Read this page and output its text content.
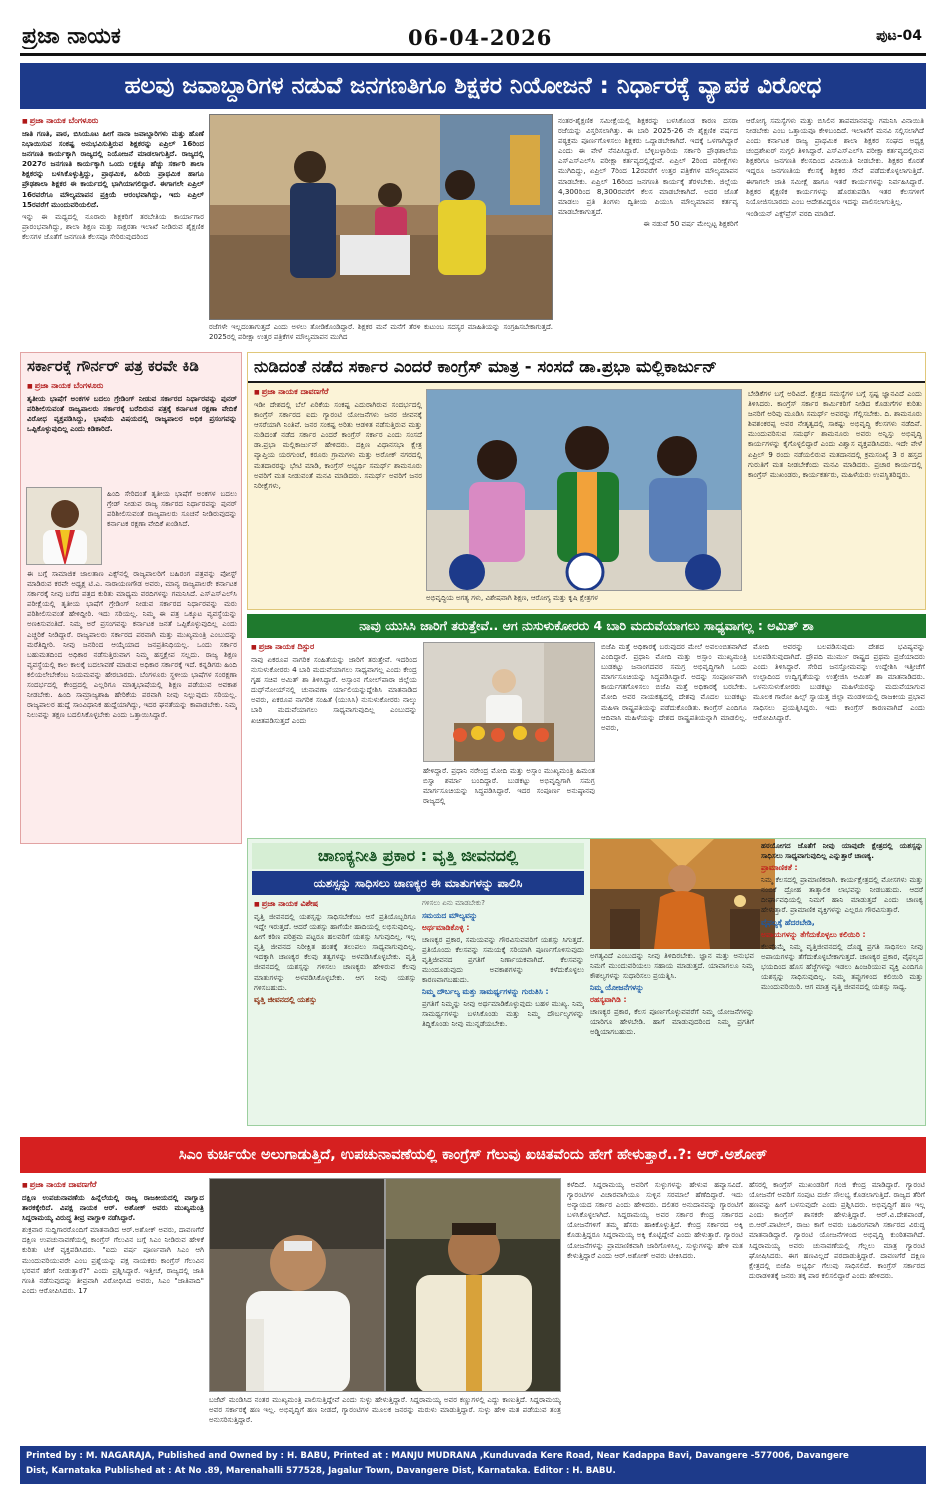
ಪ್ರಜಾ ನಾಯಕ	06-04-2026	ಪುಟ-04
ಹಲವು ಜವಾಬ್ದಾರಿಗಳ ನಡುವೆ ಜನಗಣತಿಗೂ ಶಿಕ್ಷಕರ ನಿಯೋಜನೆ : ನಿರ್ಧಾರಕ್ಕೆ ವ್ಯಾಪಕ ವಿರೋಧ
■ ಪ್ರಜಾ ನಾಯಕ ಬೆಂಗಳೂರು
ಜಾತಿ ಗಣತಿ, ಪಾಠ, ಬಿಸಿಯೂಟ ಹೀಗೆ ನಾನಾ ಜವಾಬ್ದಾರಿಗಳು ಮತ್ತು ಹೊಣೆ ನಿಭಾಯಿಸುವ ಸಂಕಷ್ಟ ಅನುಭವಿಸುತ್ತಿರುವ ಶಿಕ್ಷಕರನ್ನು ಏಪ್ರಿಲ್ 16ರಿಂದ ಜನಗಣತಿ ಕಾರ್ಯಕ್ಕಾಗಿ ರಾಜ್ಯದಲ್ಲಿ ನಿಯೋಜನೆ ಮಾಡಲಾಗುತ್ತಿದೆ. ರಾಜ್ಯದಲ್ಲಿ 2027ರ ಜನಗಣತಿ ಕಾರ್ಯಕ್ಕಾಗಿ ಒಂದು ಲಕ್ಷಕ್ಕೂ ಹೆಚ್ಚು ಸರ್ಕಾರಿ ಶಾಲಾ ಶಿಕ್ಷಕರನ್ನು ಬಳಸಿಕೊಳ್ಳುತ್ತಿದ್ದು, ಪ್ರಾಥಮಿಕ, ಹಿರಿಯ ಪ್ರಾಥಮಿಕ ಹಾಗೂ ಪ್ರೌಢಶಾಲಾ ಶಿಕ್ಷಕರ ಈ ಕಾರ್ಯದಲ್ಲಿ ಭಾಗಿಯಾಗಲಿದ್ದಾರೆ. ಈಗಾಗಲೇ ಏಪ್ರಿಲ್ 16ರವರೆಗೂ ಮೌಲ್ಯಮಾಪನ ಪ್ರಕ್ರಿಯೆ ಆರಂಭವಾಗಿದ್ದು, ಇದು ಏಪ್ರಿಲ್ 15ರವರೆಗೆ ಮುಂದುವರಿಯಲಿದೆ.
ಇನ್ನು ಈ ಮಧ್ಯದಲ್ಲಿ ನೂರಾರು ಶಿಕ್ಷಕರಿಗೆ ತರಬೇತಿಯ ಕಾರ್ಯಾಗಾರ ಪ್ರಾರಂಭವಾಗಿದ್ದು, ಶಾಲಾ ಶಿಕ್ಷಣ ಮತ್ತು ಸಾಕ್ಷರತಾ ಇಲಾಖೆ ನೀಡಿರುವ ಶೈಕ್ಷಣಿಕ ಕೆಲಸಗಳ ಜೊತೆಗೆ ಜನಗಣತಿ ಕೆಲಸವೂ ಸೇರಿರುವುದರಿಂದ
ರಜೆಗಳೇ ಇಲ್ಲದಂತಾಗುತ್ತದೆ ಎಂದು ಅಳಲು ತೋಡಿಕೊಂಡಿದ್ದಾರೆ. ಶಿಕ್ಷಕರ ಮನೆ ಮನೆಗೆ ತೆರಳಿ ಕುಟುಂಬ ಸದಸ್ಯರ ಮಾಹಿತಿಯನ್ನು ಸಂಗ್ರಹಿಸಬೇಕಾಗುತ್ತದೆ. 2025ರಲ್ಲಿ ಪರೀಕ್ಷಾ ಉತ್ತರ ಪತ್ರಿಕೆಗಳ ಮೌಲ್ಯಮಾಪನ ಮುಗಿದ
ನಂತರ-ಶೈಕ್ಷಣಿಕ ಸಮೀಕ್ಷೆಯಲ್ಲಿ ಶಿಕ್ಷಕರನ್ನು ಬಳಸಿಕೊಂಡ ಕಾರಣ ದಸರಾ ರಜೆಯನ್ನು ವಿಸ್ತರಿಸಲಾಗಿತ್ತು. ಈ ಬಾರಿ 2025-26 ನೇ ಶೈಕ್ಷಣಿಕ ವರ್ಷದ ಪಠ್ಯಕ್ರಮ ಪೂರ್ಣಗೊಳಿಸಲು ಶಿಕ್ಷಕರು ಒದ್ದಾಡಬೇಕಾಗಿದೆ. ಇದಕ್ಕೆ ಒಳಗಾಗಿದ್ದಾರೆ ಎಂದು ಈ ವೇಳೆ ನೆನಪಿಸಿದ್ದಾರೆ. ಬೆಳ್ಳಿಬಳ್ಳಾರಿಯ ಸರ್ಕಾರಿ ಪ್ರೌಢಶಾಲೆಯ ಎಸ್ಎಸ್ಎಲ್‌ಸಿ ಪರೀಕ್ಷಾ ಕರ್ತವ್ಯದಲ್ಲಿದ್ದೇವೆ. ಏಪ್ರಿಲ್ 2ರಿಂದ ಪರೀಕ್ಷೆಗಳು ಮುಗಿದಿದ್ದು, ಏಪ್ರಿಲ್ 7ರಿಂದ 12ರವರೆಗೆ ಉತ್ತರ ಪತ್ರಿಕೆಗಳ ಮೌಲ್ಯಮಾಪನ ಮಾಡಬೇಕು. ಏಪ್ರಿಲ್ 16ರಿಂದ ಜನಗಣತಿ ಕಾರ್ಯಕ್ಕೆ ತೆರಳಬೇಕು. ಜಿಲ್ಲೆಯ 4,300ರಿಂದ 8,300ರವರೆಗೆ ಕೆಲಸ ಮಾಡಬೇಕಾಗಿದೆ. ಅದರ ಜೊತೆ ಮಾಡಲು ಪ್ರತಿ ತಿಂಗಳು ದ್ವಿತೀಯ ಪಿಯುಸಿ ಮೌಲ್ಯಮಾಪನ ಕರ್ತವ್ಯ ಮಾಡಬೇಕಾಗುತ್ತದೆ.
ಈ ನಡುವೆ 50 ವರ್ಷ ಮೇಲ್ಪಟ್ಟ ಶಿಕ್ಷಕರಿಗೆ
ಆರೋಗ್ಯ ಸಮಸ್ಯೆಗಳು ಮತ್ತು ಬಿಸಿಲಿನ ತಾಪಮಾನವನ್ನು ಗಮನಿಸಿ ವಿನಾಯಿತಿ ನೀಡಬೇಕು ಎಂಬ ಒತ್ತಾಯವೂ ಕೇಳಿಬಂದಿದೆ. ಇಲಾಖೆಗೆ ಮನವಿ ಸಲ್ಲಿಸಲಾಗಿದೆ ಎಂದು ಕರ್ನಾಟಕ ರಾಜ್ಯ ಪ್ರಾಥಮಿಕ ಶಾಲಾ ಶಿಕ್ಷಕರ ಸಂಘದ ಅಧ್ಯಕ್ಷ ಚಂದ್ರಶೇಖರ್ ನುಗ್ಗಲಿ ತಿಳಿಸಿದ್ದಾರೆ. ಎಸ್ಎಸ್ಎಲ್‌ಸಿ ಪರೀಕ್ಷಾ ಕರ್ತವ್ಯದಲ್ಲಿರುವ ಶಿಕ್ಷಕರಿಗೂ ಜನಗಣತಿ ಕೆಲಸದಿಂದ ವಿನಾಯಿತಿ ನೀಡಬೇಕು. ಶಿಕ್ಷಕರ ಕೊರತೆ ಇದ್ದರೂ ಜನಗಣತಿಯ ಕೆಲಸಕ್ಕೆ ಶಿಕ್ಷಕರ ಸೇವೆ ಪಡೆದುಕೊಳ್ಳಲಾಗುತ್ತಿದೆ. ಈಗಾಗಲೇ ಜಾತಿ ಸಮೀಕ್ಷೆ ಹಾಗೂ ಇತರೆ ಕಾರ್ಯಗಳನ್ನು ನಿರ್ವಹಿಸಿದ್ದಾರೆ. ಶಿಕ್ಷಕರ ಶೈಕ್ಷಣಿಕ ಕಾರ್ಯಗಳನ್ನು ಹೊರತುಪಡಿಸಿ ಇತರ ಕೆಲಸಗಳಿಗೆ ನಿಯೋಜಿಸಬಾರದು ಎಂಬ ಆದೇಶವಿದ್ದರೂ ಇದನ್ನು ಪಾಲಿಸಲಾಗುತ್ತಿಲ್ಲ.
ಇಂಡಿಯನ್ ಎಕ್ಸ್‌ಪ್ರೆಸ್ ವರದಿ ಮಾಡಿದೆ.
ಸರ್ಕಾರಕ್ಕೆ ಗೌರ್ನರ್ ಪತ್ರ ಕರವೇ ಕಿಡಿ
■ ಪ್ರಜಾ ನಾಯಕ ಬೆಂಗಳೂರು
ತೃತೀಯ ಭಾಷೆಗೆ ಅಂಕಗಳ ಬದಲು ಗ್ರೇಡಿಂಗ್ ನೀಡುವ ಸರ್ಕಾರದ ನಿರ್ಧಾರವನ್ನು ಪುನರ್ ಪರಿಶೀಲಿಸುವಂತೆ ರಾಜ್ಯಪಾಲರು ಸರ್ಕಾರಕ್ಕೆ ಬರೆದಿರುವ ಪತ್ರಕ್ಕೆ ಕರ್ನಾಟಕ ರಕ್ಷಣಾ ವೇದಿಕೆ ವಿರೋಧ ವ್ಯಕ್ತಪಡಿಸಿದ್ದು, ಭಾಷೆಯ ವಿಷಯದಲ್ಲಿ ರಾಜ್ಯಪಾಲರ ಅಧಿಕ ಪ್ರಸಂಗವನ್ನು ಒಪ್ಪಿಕೊಳ್ಳುವುದಿಲ್ಲ ಎಂದು ಕಿಡಿಕಾರಿದೆ.
ಹಿಂದಿ ಸೇರಿದಂತೆ ತೃತೀಯ ಭಾಷೆಗೆ ಅಂಕಗಳ ಬದಲು ಗ್ರೇಡ್ ನೀಡುವ ರಾಜ್ಯ ಸರ್ಕಾರದ ನಿರ್ಧಾರವನ್ನು ಪುನರ್ ಪರಿಶೀಲಿಸುವಂತೆ ರಾಜ್ಯಪಾಲರು ಸೂಚನೆ ನೀಡಿರುವುದನ್ನು ಕರ್ನಾಟಕ ರಕ್ಷಣಾ ವೇದಿಕೆ ಖಂಡಿಸಿದೆ.
ಈ ಬಗ್ಗೆ ಸಾಮಾಜಿಕ ಜಾಲತಾಣ ಎಕ್ಸ್‌ನಲ್ಲಿ ರಾಜ್ಯಪಾಲರಿಗೆ ಬಹಿರಂಗ ಪತ್ರವನ್ನು ಪೋಸ್ಟ್ ಮಾಡಿರುವ ಕರವೇ ಅಧ್ಯಕ್ಷ ಟಿ.ಎ. ನಾರಾಯಣಗೌಡ ಅವರು, ಮಾನ್ಯ ರಾಜ್ಯಪಾಲರೇ ಕರ್ನಾಟಕ ಸರ್ಕಾರಕ್ಕೆ ನೀವು ಬರೆದ ಪತ್ರದ ಕುರಿತು ಮಾಧ್ಯಮ ವರದಿಗಳನ್ನು ಗಮನಿಸಿದೆ. ಎಸ್ಎಸ್ಎಲ್‌ಸಿ ಪರೀಕ್ಷೆಯಲ್ಲಿ ತೃತೀಯ ಭಾಷೆಗೆ ಗ್ರೇಡಿಂಗ್ ನೀಡುವ ಸರ್ಕಾರದ ನಿರ್ಧಾರವನ್ನು ಮರು ಪರಿಶೀಲಿಸುವಂತೆ ಹೇಳಿದ್ದೀರಿ. ಇದು ಸರಿಯಲ್ಲ. ನಿಮ್ಮ ಈ ಪತ್ರ ಒಕ್ಕೂಟ ವ್ಯವಸ್ಥೆಯನ್ನು ಅಣಕಿಸುವಂತಿದೆ. ನಿಮ್ಮ ಅರೆ ಪ್ರಸಂಗವನ್ನು ಕರ್ನಾಟಕ ಜನತೆ ಒಪ್ಪಿಕೊಳ್ಳುವುದಿಲ್ಲ ಎಂದು ಎಚ್ಚರಿಕೆ ನೀಡಿದ್ದಾರೆ. ರಾಜ್ಯಪಾಲರು ಸರ್ಕಾರದ ಪರವಾಗಿ ಮತ್ತು ಮುಖ್ಯಮಂತ್ರಿ ಎಂಬುದನ್ನು ಮರೆತಿದ್ದೀರಿ. ನೀವು ಜನರಿಂದ ಆಯ್ಕೆಯಾದ ಜನಪ್ರತಿನಿಧಿಯಲ್ಲ. ಒಂದು ಸರ್ಕಾರ ಬಹುಮತದಿಂದ ಅಧಿಕಾರ ನಡೆಸುತ್ತಿರುವಾಗ ನಿಮ್ಮ ಹಸ್ತಕ್ಷೇಪ ಸಲ್ಲದು. ರಾಜ್ಯ ಶಿಕ್ಷಣ ವ್ಯವಸ್ಥೆಯಲ್ಲಿ ಕಾಲ ಕಾಲಕ್ಕೆ ಬದಲಾವಣೆ ಮಾಡುವ ಅಧಿಕಾರ ಸರ್ಕಾರಕ್ಕೆ ಇದೆ. ಕನ್ನಡಿಗರು ಹಿಂದಿ ಕಲಿಯಲೇಬೇಕೆಂಬ ನಿಯಮವನ್ನು ಹೇರಬಾರದು. ಬೆಂಗಳೂರು ಸ್ಥಳೀಯ ಭಾಷೆಗಳ ಸಂರಕ್ಷಣಾ ಸಂದರ್ಭದಲ್ಲಿ ಕೇಂದ್ರದಲ್ಲಿ ಎಲ್ಲರಿಗೂ ಮಾತೃಭಾಷೆಯಲ್ಲಿ ಶಿಕ್ಷಣ ಪಡೆಯುವ ಅವಕಾಶ ನೀಡಬೇಕು. ಹಿಂದಿ ಸಾಮ್ರಾಜ್ಯಶಾಹಿ ಹೇರಿಕೆಯ ಪರವಾಗಿ ನೀವು ನಿಲ್ಲುವುದು ಸರಿಯಲ್ಲ. ರಾಜ್ಯಪಾಲರ ಹುದ್ದೆ ಸಾಂವಿಧಾನಿಕ ಹುದ್ದೆಯಾಗಿದ್ದು, ಇದರ ಘನತೆಯನ್ನು ಕಾಪಾಡಬೇಕು. ನಿಮ್ಮ ನಿಲುವನ್ನು ತಕ್ಷಣ ಬದಲಿಸಿಕೊಳ್ಳಬೇಕು ಎಂದು ಒತ್ತಾಯಿಸಿದ್ದಾರೆ.
ನುಡಿದಂತೆ ನಡೆದ ಸರ್ಕಾರ ಎಂದರೆ ಕಾಂಗ್ರೆಸ್ ಮಾತ್ರ - ಸಂಸದೆ ಡಾ.ಪ್ರಭಾ ಮಲ್ಲಿಕಾರ್ಜುನ್
■ ಪ್ರಜಾ ನಾಯಕ ದಾವಣಗೆರೆ
ಇಡೀ ದೇಶದಲ್ಲಿ ಬೆಲೆ ಏರಿಕೆಯ ಸಂಕಷ್ಟ ಎದುರಾಗಿರುವ ಸಂದರ್ಭದಲ್ಲಿ ಕಾಂಗ್ರೆಸ್ ಸರ್ಕಾರದ ಐದು ಗ್ಯಾರಂಟಿ ಯೋಜನೆಗಳು ಜನರ ಜೀವನಕ್ಕೆ ಆಸರೆಯಾಗಿ ನಿಂತಿವೆ. ಜನರ ಸಂಕಷ್ಟ ಅರಿತು ಆಡಳಿತ ನಡೆಸುತ್ತಿರುವ ಮತ್ತು ನುಡಿದಂತೆ ನಡೆದ ಸರ್ಕಾರ ಎಂದರೆ ಕಾಂಗ್ರೆಸ್ ಸರ್ಕಾರ ಎಂದು ಸಂಸದೆ ಡಾ.ಪ್ರಭಾ ಮಲ್ಲಿಕಾರ್ಜುನ್ ಹೇಳಿದರು. ದಕ್ಷಿಣ ವಿಧಾನಸಭಾ ಕ್ಷೇತ್ರ ವ್ಯಾಪ್ತಿಯ ಯರಗುಂಟೆ, ಕರೂರು ಗ್ರಾಮಗಳು ಮತ್ತು ಅರೋಕ್ ನಗರದಲ್ಲಿ ಮತದಾರರನ್ನು ಭೇಟಿ ಮಾಡಿ, ಕಾಂಗ್ರೆಸ್ ಅಭ್ಯರ್ಥಿ ಸಮರ್ಥ್ ಶಾಮನೂರು ಅವರಿಗೆ ಮತ ನೀಡುವಂತೆ ಮನವಿ ಮಾಡಿದರು. ಸಮರ್ಥ್ ಅವರಿಗೆ ಜನರ ನಿರೀಕ್ಷೆಗಳು,
ಅಭಿವೃದ್ಧಿಯ ಅಗತ್ಯ ಗಳು, ವಿಶೇಷವಾಗಿ ಶಿಕ್ಷಣ, ಆರೋಗ್ಯ ಮತ್ತು ಕೃಷಿ ಕ್ಷೇತ್ರಗಳ
ಬೇಡಿಕೆಗಳ ಬಗ್ಗೆ ಅರಿವಿದೆ. ಕ್ಷೇತ್ರದ ಸಮಸ್ಯೆಗಳ ಬಗ್ಗೆ ಸ್ಪಷ್ಟ ಜ್ಞಾನವಿದೆ ಎಂದು ತಿಳಿಸಿದರು. ಕಾಂಗ್ರೆಸ್ ಸರ್ಕಾರ ಕಾರ್ಮಿಕರಿಗೆ ನೀಡಿದ ಕೊಡುಗೆಗಳ ಕುರಿತು ಜನರಿಗೆ ಅರಿವು ಮೂಡಿಸಿ ಸಮರ್ಥ್ ಅವರನ್ನು ಗೆಲ್ಲಿಸಬೇಕು. ದಿ. ಶಾಮನೂರು ಶಿವಶಂಕರಪ್ಪ ಅವರ ನೇತೃತ್ವದಲ್ಲಿ ಸಾಕಷ್ಟು ಅಭಿವೃದ್ಧಿ ಕೆಲಸಗಳು ನಡೆದಿವೆ. ಮುಂದುವರಿಸುವ ಸಮರ್ಥ್ ಶಾಮನೂರು ಅವರು ಅನ್ನಿಸ್ತು ಅಭಿವೃದ್ಧಿ ಕಾರ್ಯಗಳನ್ನು ಕೈಗೊಳ್ಳಲಿದ್ದಾರೆ ಎಂದು ವಿಶ್ವಾಸ ವ್ಯಕ್ತಪಡಿಸಿದರು. ಇದೇ ವೇಳೆ ಏಪ್ರಿಲ್ 9 ರಂದು ನಡೆಯಲಿರುವ ಮತದಾನದಲ್ಲಿ ಕ್ರಮಸಂಖ್ಯೆ 3 ರ ಹಸ್ತದ ಗುರುತಿಗೆ ಮತ ನೀಡಬೇಕೆಂದು ಮನವಿ ಮಾಡಿದರು. ಪ್ರಚಾರ ಕಾರ್ಯದಲ್ಲಿ ಕಾಂಗ್ರೆಸ್ ಮುಖಂಡರು, ಕಾರ್ಯಕರ್ತರು, ಮಹಿಳೆಯರು ಉಪಸ್ಥಿತರಿದ್ದರು.
ನಾವು ಯುಸಿಸಿ ಜಾರಿಗೆ ತರುತ್ತೇವೆ.. ಆಗ ನುಸುಳುಕೋರರು 4 ಬಾರಿ ಮದುವೆಯಾಗಲು ಸಾಧ್ಯವಾಗಲ್ಲ : ಅಮಿತ್ ಶಾ
■ ಪ್ರಜಾ ನಾಯಕ ದಿಸ್ಪುರ
ನಾವು ಏಕರೂಪ ನಾಗರಿಕ ಸಂಹಿತೆಯನ್ನು ಜಾರಿಗೆ ತರುತ್ತೇವೆ. ಇದರಿಂದ ನುಸುಳುಕೋರರು 4 ಬಾರಿ ಮದುವೆಯಾಗಲು ಸಾಧ್ಯವಾಗಲ್ಲ ಎಂದು ಕೇಂದ್ರ ಗೃಹ ಸಚಿವ ಅಮಿತ್ ಶಾ ತಿಳಿಸಿದ್ದಾರೆ. ಅಸ್ಸಾಂನ ಗೋಲ್‌ಪಾರಾ ಜಿಲ್ಲೆಯ ದುಧ್‌ನೋಯ್‌ನಲ್ಲಿ ಚುನಾವಣಾ ರ್ಯಾಲಿಯನ್ನುದ್ದೇಶಿಸಿ ಮಾತನಾಡಿದ ಅವರು, ಏಕರೂಪ ನಾಗರಿಕ ಸಂಹಿತೆ (ಯುಸಿಸಿ) ನುಸುಳುಕೋರರು ನಾಲ್ಕು ಬಾರಿ ಮದುವೆಯಾಗಲು ಸಾಧ್ಯವಾಗುವುದಿಲ್ಲ ಎಂಬುದನ್ನು ಖಚಿತಪಡಿಸುತ್ತದೆ ಎಂದು
ಹೇಳಿದ್ದಾರೆ. ಪ್ರಧಾನಿ ನರೇಂದ್ರ ಮೋದಿ ಮತ್ತು ಅಸ್ಸಾಂ ಮುಖ್ಯಮಂತ್ರಿ ಹಿಮಂತ ಬಿಸ್ವಾ ಶರ್ಮಾ ಬಂದಿದ್ದಾರೆ. ಬುಡಕಟ್ಟು ಅಭಿವೃದ್ಧಿಗಾಗಿ ಸಮಗ್ರ ಮಾರ್ಗಸೂಚಿಯನ್ನು ಸಿದ್ಧಪಡಿಸಿದ್ದಾರೆ. ಇದರ ಸಂಪೂರ್ಣ ಅನುಷ್ಠಾನವು ರಾಜ್ಯದಲ್ಲಿ
ಬಿಜೆಪಿ ಮತ್ತೆ ಅಧಿಕಾರಕ್ಕೆ ಬರುವುದರ ಮೇಲೆ ಅವಲಂಬಿತವಾಗಿದೆ ಎಂದಿದ್ದಾರೆ. ಪ್ರಧಾನಿ ಮೋದಿ ಮತ್ತು ಅಸ್ಸಾಂ ಮುಖ್ಯಮಂತ್ರಿ ಬುಡಕಟ್ಟು ಜನಾಂಗದವರ ಸಮಗ್ರ ಅಭಿವೃದ್ಧಿಗಾಗಿ ಒಂದು ಮಾರ್ಗಸೂಚಿಯನ್ನು ಸಿದ್ಧಪಡಿಸಿದ್ದಾರೆ. ಅದನ್ನು ಸಂಪೂರ್ಣವಾಗಿ ಕಾರ್ಯಗತಗೊಳಿಸಲು ಬಿಜೆಪಿ ಮತ್ತೆ ಅಧಿಕಾರಕ್ಕೆ ಬರಬೇಕು. ಮೋದಿ ಅವರ ನಾಯಕತ್ವದಲ್ಲಿ ದೇಶವು ಮೊದಲ ಬುಡಕಟ್ಟು ಮಹಿಳಾ ರಾಷ್ಟ್ರಪತಿಯನ್ನು ಪಡೆದುಕೊಂಡಿತು. ಕಾಂಗ್ರೆಸ್ ಎಂದಿಗೂ ಆದಿವಾಸಿ ಮಹಿಳೆಯನ್ನು ದೇಶದ ರಾಷ್ಟ್ರಪತಿಯನ್ನಾಗಿ ಮಾಡಲಿಲ್ಲ. ಅವರು,
ಮೋದಿ ಅವರನ್ನು ಬಲಪಡಿಸುವುದು ದೇಶದ ಭವಿಷ್ಯವನ್ನು ಬಲಪಡಿಸುವುದಾಗಿದೆ. ದ್ರೌಪದಿ ಮುರ್ಮು ರಾಷ್ಟ್ರದ ಪ್ರಥಮ ಪ್ರಜೆಯಾದರು ಎಂದು ತಿಳಿಸಿದ್ದಾರೆ. ಸೇರಿದ ಜನಸ್ತೋಮವನ್ನು ಉದ್ದೇಶಿಸಿ ಇತ್ತೀಚೆಗೆ ಉಲ್ಫಾದಿಂದ ಉದ್ವಿಗ್ನತೆಯನ್ನು ಉತ್ತೇಜಿಸಿ ಅಮಿತ್ ಶಾ ಮಾತನಾಡಿದರು. ಒಳನುಸುಳುಕೋರರು ಬುಡಕಟ್ಟು ಮಹಿಳೆಯರನ್ನು ಮದುವೆಯಾಗುವ ಮೂಲಕ ಗಾರೋ ಹಿಲ್ಸ್ ಸ್ವಾಯತ್ತ ಜಿಲ್ಲಾ ಮಂಡಳಿಯಲ್ಲಿ ರಾಜಕೀಯ ಪ್ರಭಾವ ಸಾಧಿಸಲು ಪ್ರಯತ್ನಿಸಿದ್ದರು. ಇದು ಕಾಂಗ್ರೆಸ್ ಕಾರಣವಾಗಿದೆ ಎಂದು ಆರೋಪಿಸಿದ್ದಾರೆ.
ಚಾಣಕ್ಯನೀತಿ ಪ್ರಕಾರ : ವೃತ್ತಿ ಜೀವನದಲ್ಲಿ
ಯಶಸ್ಸನ್ನು ಸಾಧಿಸಲು ಚಾಣಕ್ಯರ ಈ ಮಾತುಗಳನ್ನು ಪಾಲಿಸಿ
■ ಪ್ರಜಾ ನಾಯಕ ವಿಶೇಷ
ವೃತ್ತಿ ಜೀವನದಲ್ಲಿ ಯಶಸ್ಸನ್ನು ಸಾಧಿಸಬೇಕೆಂಬ ಆಸೆ ಪ್ರತಿಯೊಬ್ಬರಿಗೂ ಇದ್ದೇ ಇರುತ್ತದೆ. ಆದರೆ ಯಶಸ್ಸು ಹಾಗೆಯೇ ಹಾದಿಯಲ್ಲಿ ಲಭಿಸುವುದಿಲ್ಲ. ಹೀಗೆ ಕಠಿಣ ಪರಿಶ್ರಮ ಪಟ್ಟರೂ ಹಲವರಿಗೆ ಯಶಸ್ಸು ಸಿಗುವುದಿಲ್ಲ. ಇಲ್ಲ ವೃತ್ತಿ ಜೀವನದ ನಿರೀಕ್ಷಿತ ಹಂತಕ್ಕೆ ತಲುಪಲು ಸಾಧ್ಯವಾಗುವುದಿಲ್ಲ. ಇದಕ್ಕಾಗಿ ಚಾಣಕ್ಯರ ಕೆಲವು ತತ್ವಗಳನ್ನು ಅಳವಡಿಸಿಕೊಳ್ಳಬೇಕು. ವೃತ್ತಿ ಜೀವನದಲ್ಲಿ ಯಶಸ್ಸನ್ನು ಗಳಿಸಲು ಚಾಣಕ್ಯರು ಹೇಳಿರುವ ಕೆಲವು ಮಾತುಗಳನ್ನು ಅಳವಡಿಸಿಕೊಳ್ಳಬೇಕು. ಆಗ ನೀವು ಯಶಸ್ಸು ಗಳಿಸಬಹುದು.
ವೃತ್ತಿ ಜೀವನದಲ್ಲಿ ಯಶಸ್ಸು
ಗಳಿಸಲು ಏನು ಮಾಡಬೇಕು?
ಸಮಯದ ಮೌಲ್ಯವನ್ನು
ಅರ್ಥಮಾಡಿಕೊಳ್ಳಿ :
ಚಾಣಕ್ಯರ ಪ್ರಕಾರ, ಸಮಯವನ್ನು ಗೌರವಿಸುವವರಿಗೆ ಯಶಸ್ಸು ಸಿಗುತ್ತದೆ. ಪ್ರತಿಯೊಂದು ಕೆಲಸವನ್ನು ಸಮಯಕ್ಕೆ ಸರಿಯಾಗಿ ಪೂರ್ಣಗೊಳಿಸುವುದು ವೃತ್ತಿಜೀವನದ ಪ್ರಗತಿಗೆ ನಿರ್ಣಾಯಕವಾಗಿದೆ. ಕೆಲಸವನ್ನು ಮುಂದೂಡುವುದು ಅವಕಾಶಗಳನ್ನು ಕಳೆದುಕೊಳ್ಳಲು ಕಾರಣವಾಗಬಹುದು.
ನಿಮ್ಮ ದೌರ್ಬಲ್ಯ ಮತ್ತು ಸಾಮರ್ಥ್ಯಗಳನ್ನು ಗುರುತಿಸಿ :
ಪ್ರಗತಿಗೆ ನಿಮ್ಮನ್ನು ನೀವು ಅರ್ಥಮಾಡಿಕೊಳ್ಳುವುದು ಬಹಳ ಮುಖ್ಯ. ನಿಮ್ಮ ಸಾಮರ್ಥ್ಯಗಳನ್ನು ಬಳಸಿಕೊಂಡು ಮತ್ತು ನಿಮ್ಮ ದೌರ್ಬಲ್ಯಗಳನ್ನು ತಿದ್ದಿಕೊಂಡು ನೀವು ಮುನ್ನಡೆಯಬೇಕು.
ಅಗತ್ಯವಿದೆ ಎಂಬುದನ್ನು ನೀವು ತಿಳಿದಿರಬೇಕು. ಜ್ಞಾನ ಮತ್ತು ಅನುಭವ ನಿಮಗೆ ಮುಂದುವರಿಯಲು ಸಹಾಯ ಮಾಡುತ್ತದೆ. ಯಾವಾಗಲೂ ನಿಮ್ಮ ಕೌಶಲ್ಯಗಳನ್ನು ಸುಧಾರಿಸಲು ಪ್ರಯತ್ನಿಸಿ.
ನಿಮ್ಮ ಯೋಜನೆಗಳನ್ನು
ರಹಸ್ಯವಾಗಿಡಿ :
ಚಾಣಕ್ಯರ ಪ್ರಕಾರ, ಕೆಲಸ ಪೂರ್ಣಗೊಳ್ಳುವವರೆಗೆ ನಿಮ್ಮ ಯೋಜನೆಗಳನ್ನು ಯಾರಿಗೂ ಹೇಳಬೇಡಿ. ಹಾಗೆ ಮಾಡುವುದರಿಂದ ನಿಮ್ಮ ಪ್ರಗತಿಗೆ ಅಡ್ಡಿಯಾಗಬಹುದು.
ಹಠಯೋಗದ ಜೊತೆಗೆ ನೀವು ಯಾವುದೇ ಕ್ಷೇತ್ರದಲ್ಲಿ ಯಶಸ್ಸನ್ನು ಸಾಧಿಸಲು ಸಾಧ್ಯವಾಗುವುದಿಲ್ಲ ಎನ್ನುತ್ತಾರೆ ಚಾಣಕ್ಯ.
ಪ್ರಾಮಾಣಿಕತೆ :
ನಿಮ್ಮ ಕೆಲಸದಲ್ಲಿ ಪ್ರಾಮಾಣಿಕರಾಗಿ. ಕಾರ್ಯಕ್ಷೇತ್ರದಲ್ಲಿ ಮೋಸಗಳು ಮತ್ತು ನಂಬಿಕೆ ದ್ರೋಹ ತಾತ್ಕಾಲಿಕ ಲಾಭವನ್ನು ನೀಡಬಹುದು. ಆದರೆ ದೀರ್ಘಾವಧಿಯಲ್ಲಿ ನಿಮಗೆ ಹಾನಿ ಮಾಡುತ್ತದೆ ಎಂದು ಚಾಣಕ್ಯ ಹೇಳುತ್ತಾರೆ. ಪ್ರಾಮಾಣಿಕ ವ್ಯಕ್ತಿಗಳನ್ನು ಎಲ್ಲರೂ ಗೌರವಿಸುತ್ತಾರೆ.
ವೈಫಲ್ಯಕ್ಕೆ ಹೆದರಬೇಡಿ,
ಅಪಾಯಗಳನ್ನು ತೆಗೆದುಕೊಳ್ಳಲು ಕಲಿಯಿರಿ :
ಕೆಲವೊಮ್ಮೆ ನಿಮ್ಮ ವೃತ್ತಿಜೀವನದಲ್ಲಿ ದೊಡ್ಡ ಪ್ರಗತಿ ಸಾಧಿಸಲು ನೀವು ಅಪಾಯಗಳನ್ನು ತೆಗೆದುಕೊಳ್ಳಬೇಕಾಗುತ್ತದೆ. ಚಾಣಕ್ಯರ ಪ್ರಕಾರ, ವೈಫಲ್ಯದ ಭಯದಿಂದ ಹೊಸ ಹೆಜ್ಜೆಗಳನ್ನು ಇಡಲು ಹಿಂಜರಿಯುವ ವ್ಯಕ್ತಿ ಎಂದಿಗೂ ಯಶಸ್ಸನ್ನು ಸಾಧಿಸುವುದಿಲ್ಲ. ನಿಮ್ಮ ತಪ್ಪುಗಳಿಂದ ಕಲಿಯಿರಿ ಮತ್ತು ಮುಂದುವರಿಯಿರಿ. ಆಗ ಮಾತ್ರ ವೃತ್ತಿ ಜೀವನದಲ್ಲಿ ಯಶಸ್ಸು ಸಾಧ್ಯ.
ಸಿಎಂ ಕುರ್ಚಿಯೇ ಅಲುಗಾಡುತ್ತಿದೆ, ಉಪಚುನಾವಣೆಯಲ್ಲಿ ಕಾಂಗ್ರೆಸ್ ಗೆಲುವು ಖಚಿತವೆಂದು ಹೇಗೆ ಹೇಳುತ್ತಾರೆ..?: ಆರ್.ಅಶೋಕ್
■ ಪ್ರಜಾ ನಾಯಕ ದಾವಣಗೆರೆ
ದಕ್ಷಿಣ ಉಪಚುನಾವಣೆಯ ಹಿನ್ನೆಲೆಯಲ್ಲಿ ರಾಜ್ಯ ರಾಜಕೀಯದಲ್ಲಿ ವಾಗ್ವಾದ ತಾರಕಕ್ಕೇರಿದೆ. ವಿಪಕ್ಷ ನಾಯಕ ಆರ್. ಅಶೋಕ್ ಅವರು ಮುಖ್ಯಮಂತ್ರಿ ಸಿದ್ದರಾಮಯ್ಯ ವಿರುದ್ಧ ತೀವ್ರ ವಾಗ್ದಾಳಿ ನಡೆಸಿದ್ದಾರೆ.
ಶುಕ್ರವಾರ ಸುದ್ದಿಗಾರರೊಂದಿಗೆ ಮಾತನಾಡಿದ ಆರ್.ಅಶೋಕ್ ಅವರು, ದಾವಣಗೆರೆ ದಕ್ಷಿಣ ಉಪಚುನಾವಣೆಯಲ್ಲಿ ಕಾಂಗ್ರೆಸ್ ಗೆಲುವಿನ ಬಗ್ಗೆ ಸಿಎಂ ನೀಡಿರುವ ಹೇಳಿಕೆ ಕುರಿತು ಟೀಕೆ ವ್ಯಕ್ತಪಡಿಸಿದರು. "ಐದು ವರ್ಷ ಪೂರ್ಣವಾಗಿ ಸಿಎಂ ಆಗಿ ಮುಂದುವರಿಯುವರೇ ಎಂಬ ಪ್ರಶ್ನೆಯನ್ನು ಪಕ್ಷ ನಾಯಕರು ಕಾಂಗ್ರೆಸ್ ಗೆಲುವಿನ ಭರವಸೆ ಹೇಗೆ ನೀಡುತ್ತಾರೆ?" ಎಂದು ಪ್ರಶ್ನಿಸಿದ್ದಾರೆ. ಇತ್ತೀಚೆ, ರಾಜ್ಯದಲ್ಲಿ ಜಾತಿ ಗಣತಿ ನಡೆಸುವುದನ್ನು ತೀವ್ರವಾಗಿ ವಿರೋಧಿಸಿದ ಅವರು, ಸಿಎಂ "ಜಾತಿವಾದಿ" ಎಂದು ಆರೋಪಿಸಿದರು. 17
ಬಜೆಟ್ ಮಂಡಿಸಿದ ನಂತರ ಮುಖ್ಯಮಂತ್ರಿ ಪಾಲಿಸುತ್ತಿದ್ದೇವೆ ಎಂದು ಸುಳ್ಳು ಹೇಳುತ್ತಿದ್ದಾರೆ. ಸಿದ್ದರಾಮಯ್ಯ ಅವರ ಕಣ್ಣುಗಳಲ್ಲಿ ಎದ್ದು ಕಾಣುತ್ತಿದೆ. ಸಿದ್ದರಾಮಯ್ಯ ಅವರ ಸರ್ಕಾರಕ್ಕೆ ಹಣ ಇಲ್ಲ. ಅಭಿವೃದ್ಧಿಗೆ ಹಣ ನೀಡದೆ, ಗ್ಯಾರಂಟಿಗಳ ಮೂಲಕ ಜನರನ್ನು ಮರುಳು ಮಾಡುತ್ತಿದ್ದಾರೆ. ಸುಳ್ಳು ಹೇಳಿ ಮತ ಪಡೆಯುವ ತಂತ್ರ ಅನುಸರಿಸುತ್ತಿದ್ದಾರೆ.
ಕಳೆದಿದೆ. ಸಿದ್ದರಾಮಯ್ಯ ಅವರಿಗೆ ಸುಳ್ಳುಗಳನ್ನು ಹೇಳುವ ಹವ್ಯಾಸವಿದೆ. ಗ್ಯಾರಂಟಿಗಳ ವಿಚಾರವಾಗಿಯೂ ಸುಳ್ಳಿನ ಸರಮಾಲೆ ಹೆಣೆದಿದ್ದಾರೆ. ಇದು ಅನ್ಯಾಯದ ಸರ್ಕಾರ ಎಂದು ಹೇಳಿದರು. ದಲಿತರ ಅನುದಾನವನ್ನು ಗ್ಯಾರಂಟಿಗೆ ಬಳಸಿಕೊಳ್ಳಲಾಗಿದೆ. ಸಿದ್ದರಾಮಯ್ಯ ಅವರ ಸರ್ಕಾರ ಕೇಂದ್ರ ಸರ್ಕಾರದ ಯೋಜನೆಗಳಿಗೆ ತಮ್ಮ ಹೆಸರು ಹಾಕಿಕೊಳ್ಳುತ್ತಿದೆ. ಕೇಂದ್ರ ಸರ್ಕಾರದ ಅಕ್ಕಿ ಕೊಡುತ್ತಿದ್ದರೂ ಸಿದ್ದರಾಮಯ್ಯ ಅಕ್ಕಿ ಕೊಟ್ಟಿದ್ದೇನೆ ಎಂದು ಹೇಳುತ್ತಾರೆ. ಗ್ಯಾರಂಟಿ ಯೋಜನೆಗಳನ್ನು ಪ್ರಾಮಾಣಿಕವಾಗಿ ಜಾರಿಗೊಳಿಸಿಲ್ಲ. ಸುಳ್ಳುಗಳನ್ನು ಹೇಳಿ ಮತ ಕೇಳುತ್ತಿದ್ದಾರೆ ಎಂದು ಆರ್.ಅಶೋಕ್ ಅವರು ಟೀಕಿಸಿದರು.
ಹೆಸರಲ್ಲಿ ಕಾಂಗ್ರೆಸ್ ಮುಖಂಡರಿಗೆ ಗಂಜಿ ಕೇಂದ್ರ ಮಾಡಿದ್ದಾರೆ. ಗ್ಯಾರಂಟಿ ಯೋಜನೆಗೆ ಅವರಿಗೆ ಸಂಪುಟ ದರ್ಜೆ ಸೌಲಭ್ಯ ಕೊಡಲಾಗುತ್ತಿದೆ. ರಾಜ್ಯದ ತೆರಿಗೆ ಹಣವನ್ನು ಹೀಗೆ ಬಳಸುವುದೇ ಎಂದು ಪ್ರಶ್ನಿಸಿದರು. ಅಭಿವೃದ್ಧಿಗೆ ಹಣ ಇಲ್ಲ ಎಂದು ಕಾಂಗ್ರೆಸ್ ಶಾಸಕರೇ ಹೇಳುತ್ತಿದ್ದಾರೆ. ಆರ್.ವಿ.ದೇಶಪಾಂಡೆ, ಬಿ.ಆರ್.ಪಾಟೀಲ್, ರಾಜು ಕಾಗೆ ಅವರು ಬಹಿರಂಗವಾಗಿ ಸರ್ಕಾರದ ವಿರುದ್ಧ ಮಾತನಾಡಿದ್ದಾರೆ. ಗ್ಯಾರಂಟಿ ಯೋಜನೆಗಳಿಂದ ಅಭಿವೃದ್ಧಿ ಕುಂಠಿತವಾಗಿದೆ. ಸಿದ್ದರಾಮಯ್ಯ ಅವರು ಚುನಾವಣೆಯಲ್ಲಿ ಗೆಲ್ಲಲು ಮಾತ್ರ ಗ್ಯಾರಂಟಿ ಘೋಷಿಸಿದರು. ಈಗ ಹಣವಿಲ್ಲದೆ ಪರದಾಡುತ್ತಿದ್ದಾರೆ. ದಾವಣಗೆರೆ ದಕ್ಷಿಣ ಕ್ಷೇತ್ರದಲ್ಲಿ ಬಿಜೆಪಿ ಅಭ್ಯರ್ಥಿ ಗೆಲುವು ಸಾಧಿಸಲಿದೆ. ಕಾಂಗ್ರೆಸ್ ಸರ್ಕಾರದ ದುರಾಡಳಿತಕ್ಕೆ ಜನರು ತಕ್ಕ ಪಾಠ ಕಲಿಸಲಿದ್ದಾರೆ ಎಂದು ಹೇಳಿದರು.
Printed by : M. NAGARAJA, Published and Owned by : H. BABU, Printed at : MANJU MUDRANA ,Kunduvada Kere Road, Near Kadappa Bavi, Davangere -577006, Davangere
Dist, Karnataka Published at : At No .89, Marenahalli 577528, Jagalur Town, Davangere Dist, Karnataka. Editor : H. BABU.
